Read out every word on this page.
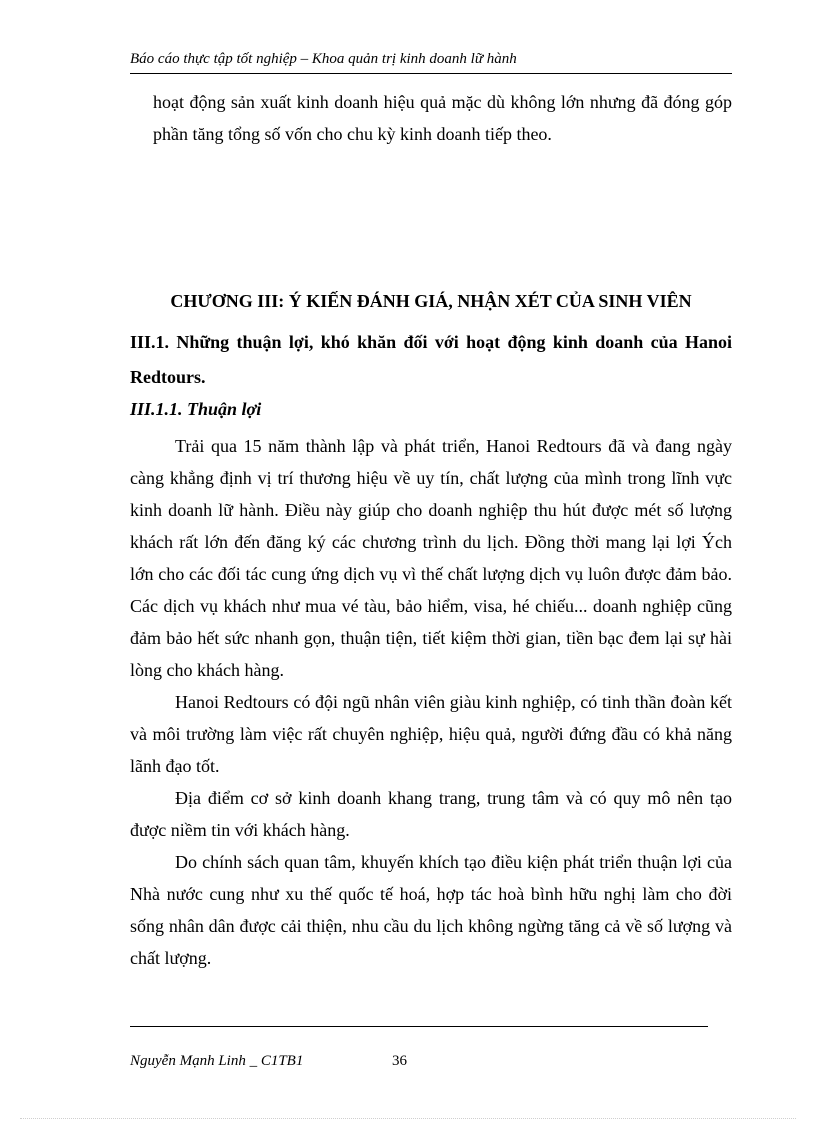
Báo cáo thực tập tốt nghiệp – Khoa quản trị kinh doanh lữ hành

hoạt động sản xuất kinh doanh hiệu quả mặc dù không lớn nhưng đã đóng góp phần tăng tổng số vốn cho chu kỳ kinh doanh tiếp theo.

CHƯƠNG III: Ý KIẾN ĐÁNH GIÁ, NHẬN XÉT CỦA SINH VIÊN
III.1. Những thuận lợi, khó khăn đối với hoạt động kinh doanh của Hanoi Redtours.
III.1.1. Thuận lợi

Trải qua 15 năm thành lập và phát triển, Hanoi Redtours đã và đang ngày càng khẳng định vị trí thương hiệu về uy tín, chất lượng của mình trong lĩnh vực kinh doanh lữ hành. Điều này giúp cho doanh nghiệp thu hút được mét số lượng khách rất lớn đến đăng ký các chương trình du lịch. Đồng thời mang lại lợi Ých lớn cho các đối tác cung ứng dịch vụ vì thế chất lượng dịch vụ luôn được đảm bảo. Các dịch vụ khách như mua vé tàu, bảo hiểm, visa, hé chiếu... doanh nghiệp cũng đảm bảo hết sức nhanh gọn, thuận tiện, tiết kiệm thời gian, tiền bạc đem lại sự hài lòng cho khách hàng.

Hanoi Redtours có đội ngũ nhân viên giàu kinh nghiệp, có tinh thần đoàn kết và môi trường làm việc rất chuyên nghiệp, hiệu quả, người đứng đầu có khả năng lãnh đạo tốt.

Địa điểm cơ sở kinh doanh khang trang, trung tâm và có quy mô nên tạo được niềm tin với khách hàng.

Do chính sách quan tâm, khuyến khích tạo điều kiện phát triển thuận lợi của Nhà nước cung như xu thế quốc tế hoá, hợp tác hoà bình hữu nghị làm cho đời sống nhân dân được cải thiện, nhu cầu du lịch không ngừng tăng cả về số lượng và chất lượng.

Nguyễn Mạnh Linh _ C1TB1	36
